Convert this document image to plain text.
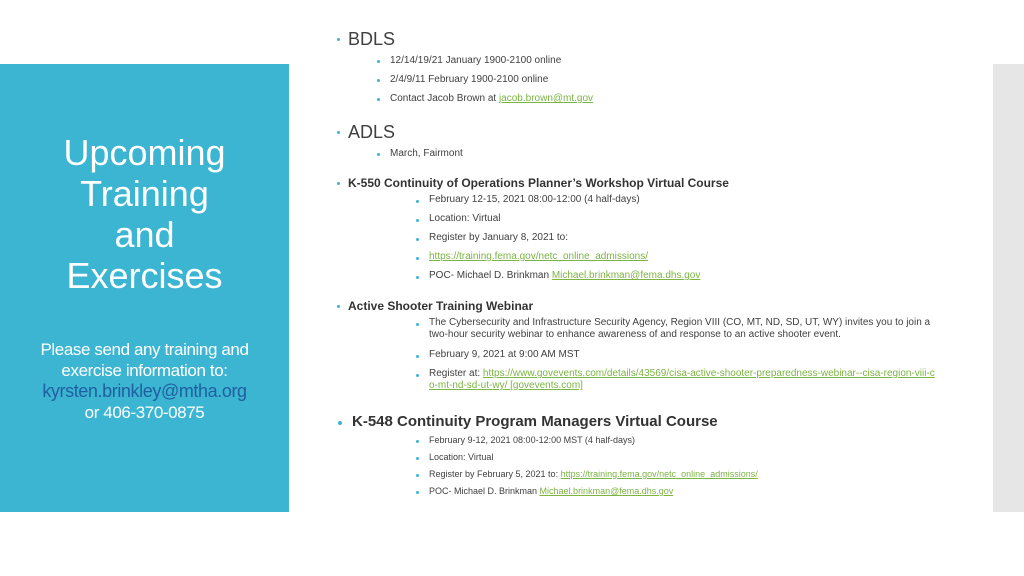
Upcoming
Training
and
Exercises
Please send any training and
exercise information to:
kyrsten.brinkley@mtha.org
or 406-370-0875
BDLS
12/14/19/21 January 1900-2100 online
2/4/9/11 February 1900-2100 online
Contact Jacob Brown at jacob.brown@mt.gov
ADLS
March, Fairmont
K-550 Continuity of Operations Planner’s Workshop Virtual Course
February 12-15, 2021 08:00-12:00 (4 half-days)
Location: Virtual
Register by January 8, 2021 to:
https://training.fema.gov/netc_online_admissions/
POC- Michael D. Brinkman Michael.brinkman@fema.dhs.gov
Active Shooter Training Webinar
The Cybersecurity and Infrastructure Security Agency, Region VIII (CO, MT, ND, SD, UT, WY) invites you to join a two-hour security webinar to enhance awareness of and response to an active shooter event.
February 9, 2021 at 9:00 AM MST
Register at: https://www.govevents.com/details/43569/cisa-active-shooter-preparedness-webinar--cisa-region-viii-co-mt-nd-sd-ut-wy/ [govevents.com]
K-548 Continuity Program Managers Virtual Course
February 9-12, 2021 08:00-12:00 MST (4 half-days)
Location: Virtual
Register by February 5, 2021 to: https://training.fema.gov/netc_online_admissions/
POC- Michael D. Brinkman Michael.brinkman@fema.dhs.gov
